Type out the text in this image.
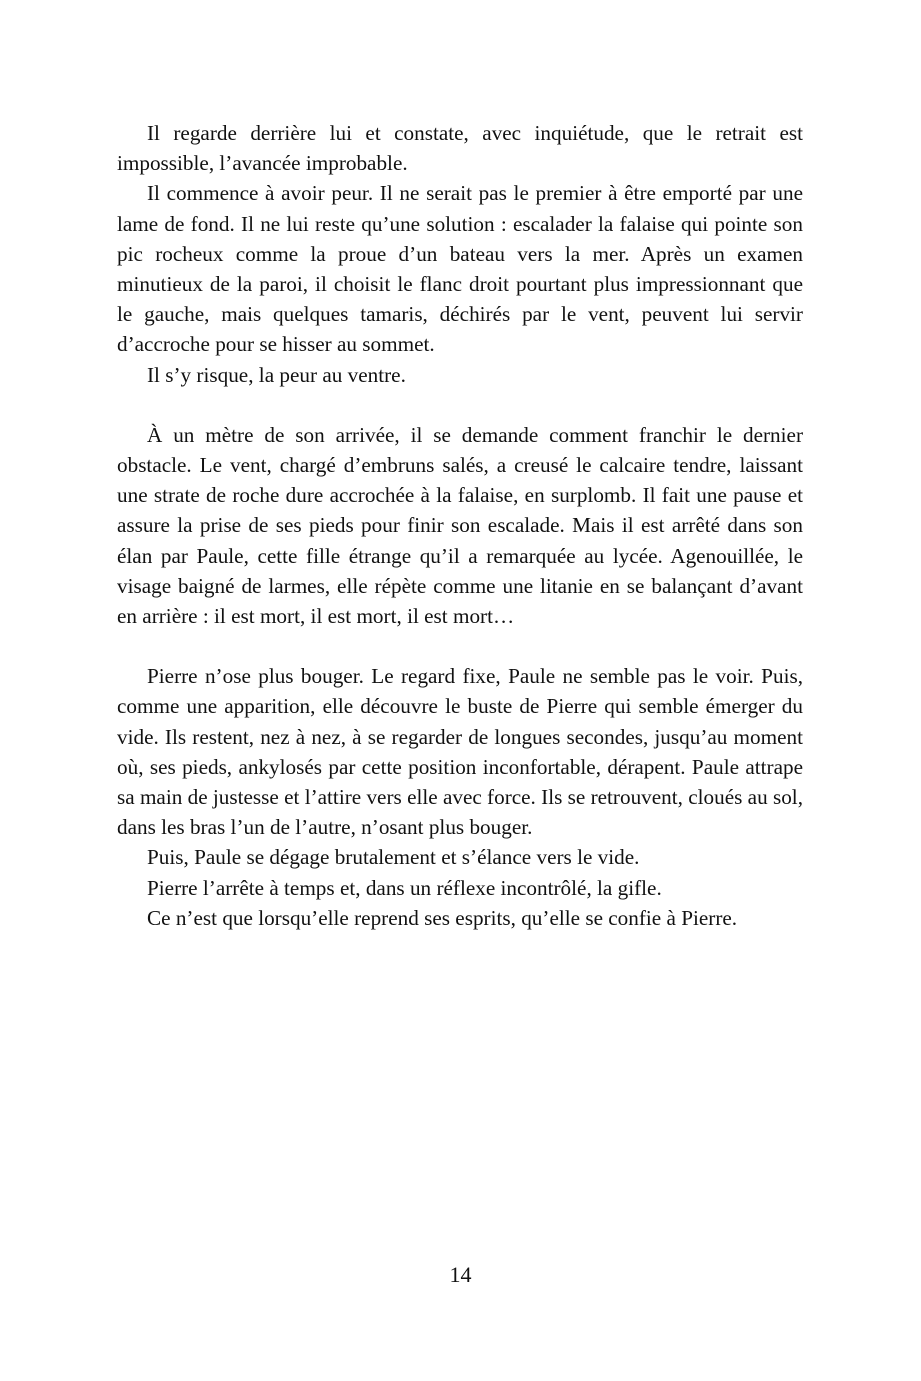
Il regarde derrière lui et constate, avec inquiétude, que le retrait est impossible, l’avancée improbable.

Il commence à avoir peur. Il ne serait pas le premier à être emporté par une lame de fond. Il ne lui reste qu’une solution : escalader la falaise qui pointe son pic rocheux comme la proue d’un bateau vers la mer. Après un examen minutieux de la paroi, il choisit le flanc droit pourtant plus impressionnant que le gauche, mais quelques tamaris, déchirés par le vent, peuvent lui servir d’accroche pour se hisser au sommet.

Il s’y risque, la peur au ventre.

À un mètre de son arrivée, il se demande comment franchir le dernier obstacle. Le vent, chargé d’embruns salés, a creusé le calcaire tendre, laissant une strate de roche dure accrochée à la falaise, en surplomb. Il fait une pause et assure la prise de ses pieds pour finir son escalade. Mais il est arrêté dans son élan par Paule, cette fille étrange qu’il a remarquée au lycée. Agenouillée, le visage baigné de larmes, elle répète comme une litanie en se balançant d’avant en arrière : il est mort, il est mort, il est mort…

Pierre n’ose plus bouger. Le regard fixe, Paule ne semble pas le voir. Puis, comme une apparition, elle découvre le buste de Pierre qui semble émerger du vide. Ils restent, nez à nez, à se regarder de longues secondes, jusqu’au moment où, ses pieds, ankylosés par cette position inconfortable, dérapent. Paule attrape sa main de justesse et l’attire vers elle avec force. Ils se retrouvent, cloués au sol, dans les bras l’un de l’autre, n’osant plus bouger.

Puis, Paule se dégage brutalement et s’élance vers le vide.

Pierre l’arrête à temps et, dans un réflexe incontrôlé, la gifle.

Ce n’est que lorsqu’elle reprend ses esprits, qu’elle se confie à Pierre.

14
